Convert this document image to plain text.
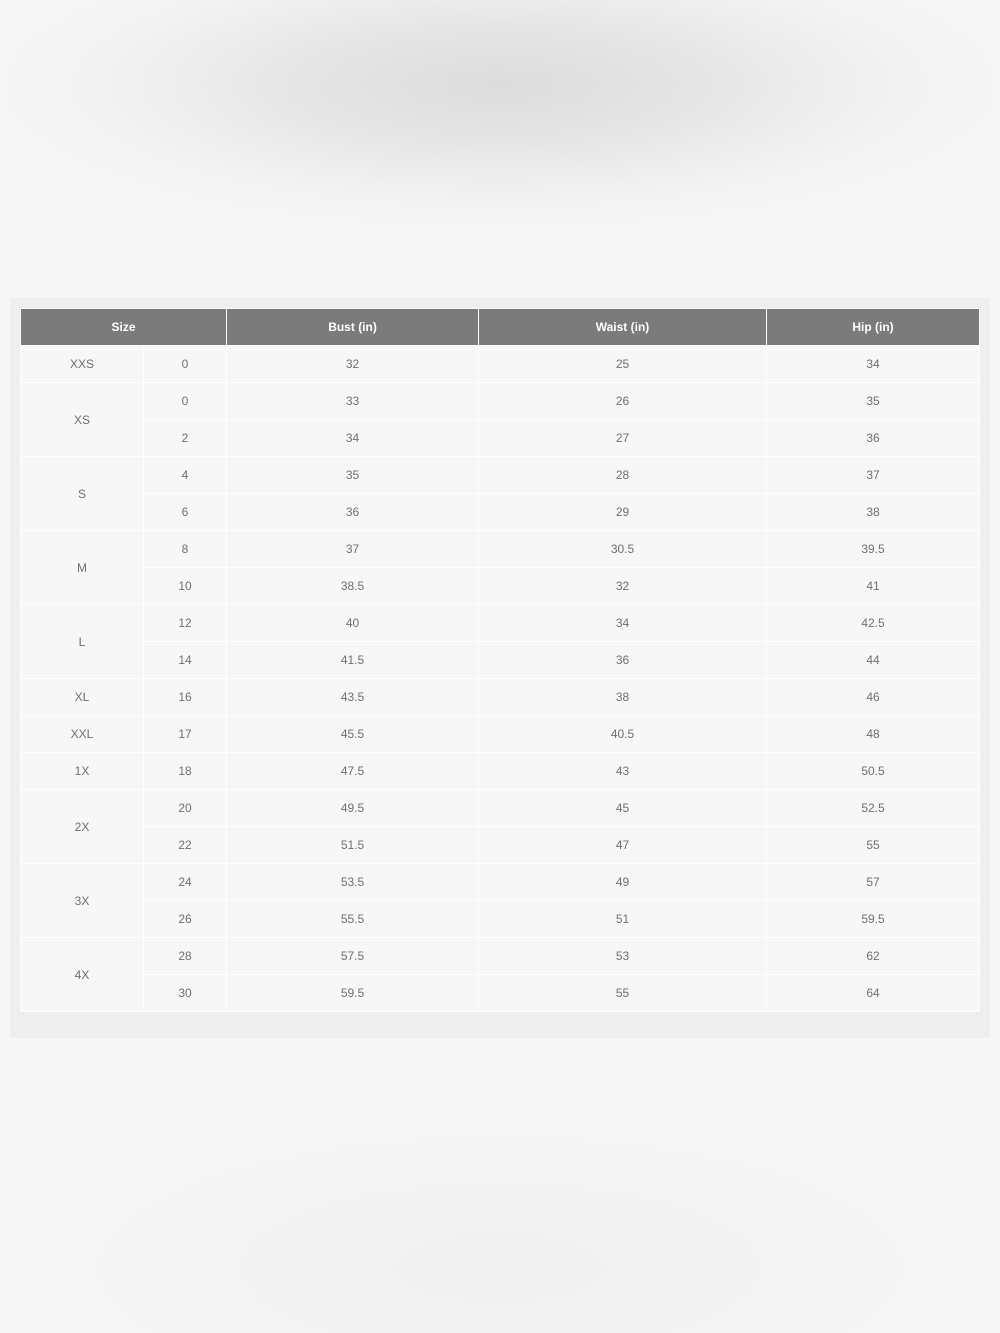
Size		Bust (in)	Waist (in)	Hip (in)
XXS	0	32	25	34
XS	0	33	26	35
	2	34	27	36
S	4	35	28	37
	6	36	29	38
M	8	37	30.5	39.5
	10	38.5	32	41
L	12	40	34	42.5
	14	41.5	36	44
XL	16	43.5	38	46
XXL	17	45.5	40.5	48
1X	18	47.5	43	50.5
2X	20	49.5	45	52.5
	22	51.5	47	55
3X	24	53.5	49	57
	26	55.5	51	59.5
4X	28	57.5	53	62
	30	59.5	55	64
